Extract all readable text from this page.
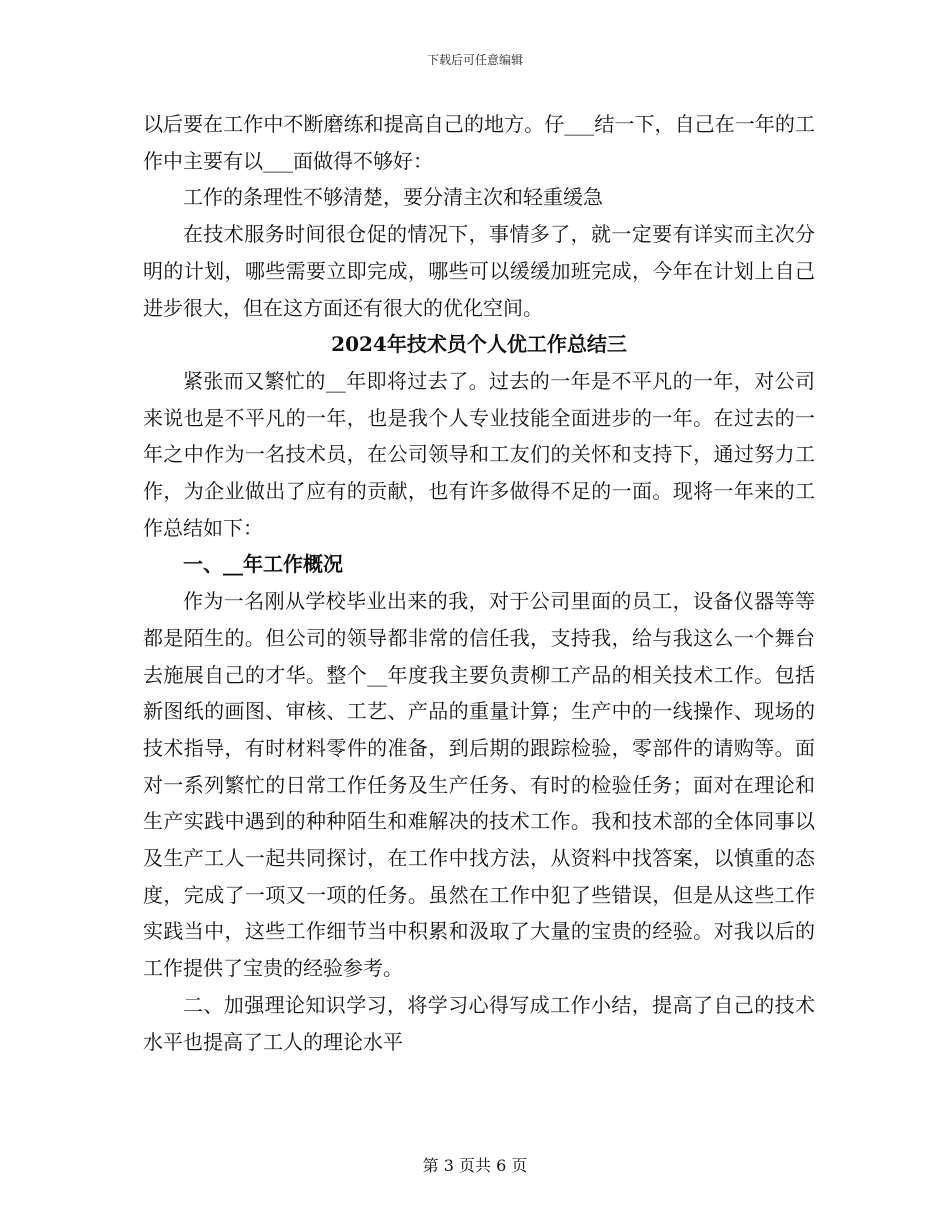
下载后可任意编辑

以后要在工作中不断磨练和提高自己的地方。仔___结一下，自己在一年的工作中主要有以___面做得不够好：

工作的条理性不够清楚，要分清主次和轻重缓急

在技术服务时间很仓促的情况下，事情多了，就一定要有详实而主次分明的计划，哪些需要立即完成，哪些可以缓缓加班完成，今年在计划上自己进步很大，但在这方面还有很大的优化空间。

2024年技术员个人优工作总结三

紧张而又繁忙的__年即将过去了。过去的一年是不平凡的一年，对公司来说也是不平凡的一年，也是我个人专业技能全面进步的一年。在过去的一年之中作为一名技术员，在公司领导和工友们的关怀和支持下，通过努力工作，为企业做出了应有的贡献，也有许多做得不足的一面。现将一年来的工作总结如下：

一、__年工作概况

作为一名刚从学校毕业出来的我，对于公司里面的员工，设备仪器等等都是陌生的。但公司的领导都非常的信任我，支持我，给与我这么一个舞台去施展自己的才华。整个__年度我主要负责柳工产品的相关技术工作。包括新图纸的画图、审核、工艺、产品的重量计算；生产中的一线操作、现场的技术指导，有时材料零件的准备，到后期的跟踪检验，零部件的请购等。面对一系列繁忙的日常工作任务及生产任务、有时的检验任务；面对在理论和生产实践中遇到的种种陌生和难解决的技术工作。我和技术部的全体同事以及生产工人一起共同探讨，在工作中找方法，从资料中找答案，以慎重的态度，完成了一项又一项的任务。虽然在工作中犯了些错误，但是从这些工作实践当中，这些工作细节当中积累和汲取了大量的宝贵的经验。对我以后的工作提供了宝贵的经验参考。

二、加强理论知识学习，将学习心得写成工作小结，提高了自己的技术水平也提高了工人的理论水平

第 3 页共 6 页
